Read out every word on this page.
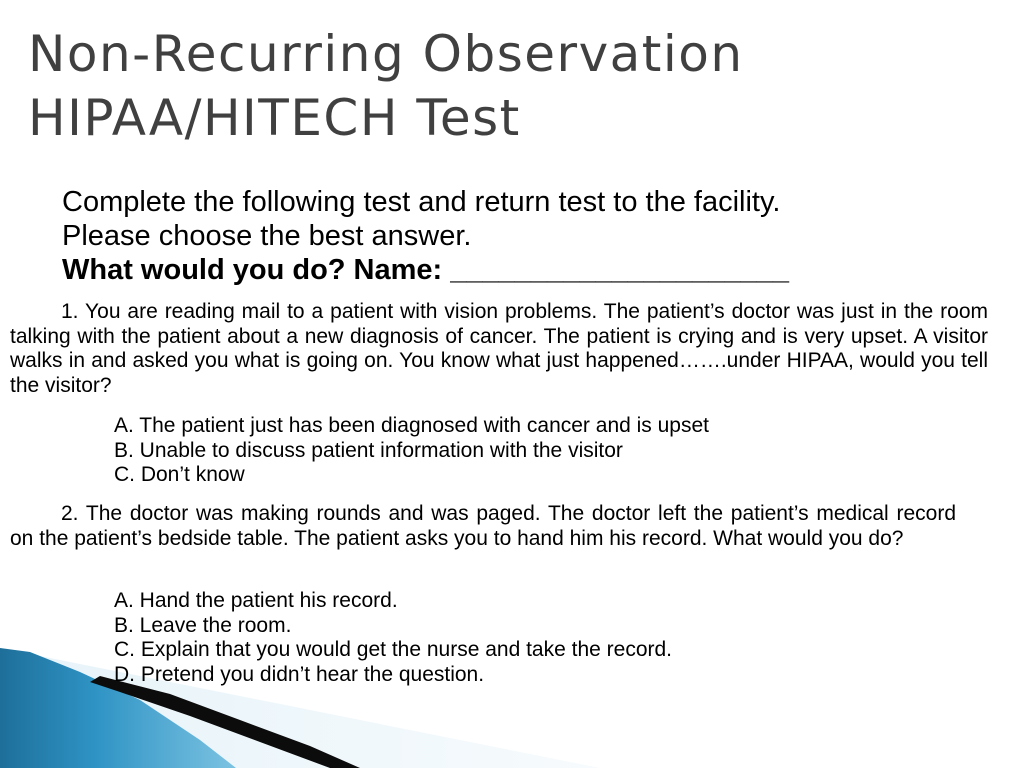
Non-Recurring Observation
HIPAA/HITECH Test
Complete the following test and return test to the facility.
Please choose the best answer.
What would you do? Name: _____________________

1. You are reading mail to a patient with vision problems. The patient’s doctor was just in the room talking with the patient about a new diagnosis of cancer. The patient is crying and is very upset. A visitor walks in and asked you what is going on. You know what just happened…….under HIPAA, would you tell the visitor?

A. The patient just has been diagnosed with cancer and is upset
B. Unable to discuss patient information with the visitor
C. Don’t know

2. The doctor was making rounds and was paged. The doctor left the patient’s medical record on the patient’s bedside table. The patient asks you to hand him his record. What would you do?

A. Hand the patient his record.
B. Leave the room.
C. Explain that you would get the nurse and take the record.
D. Pretend you didn’t hear the question.
